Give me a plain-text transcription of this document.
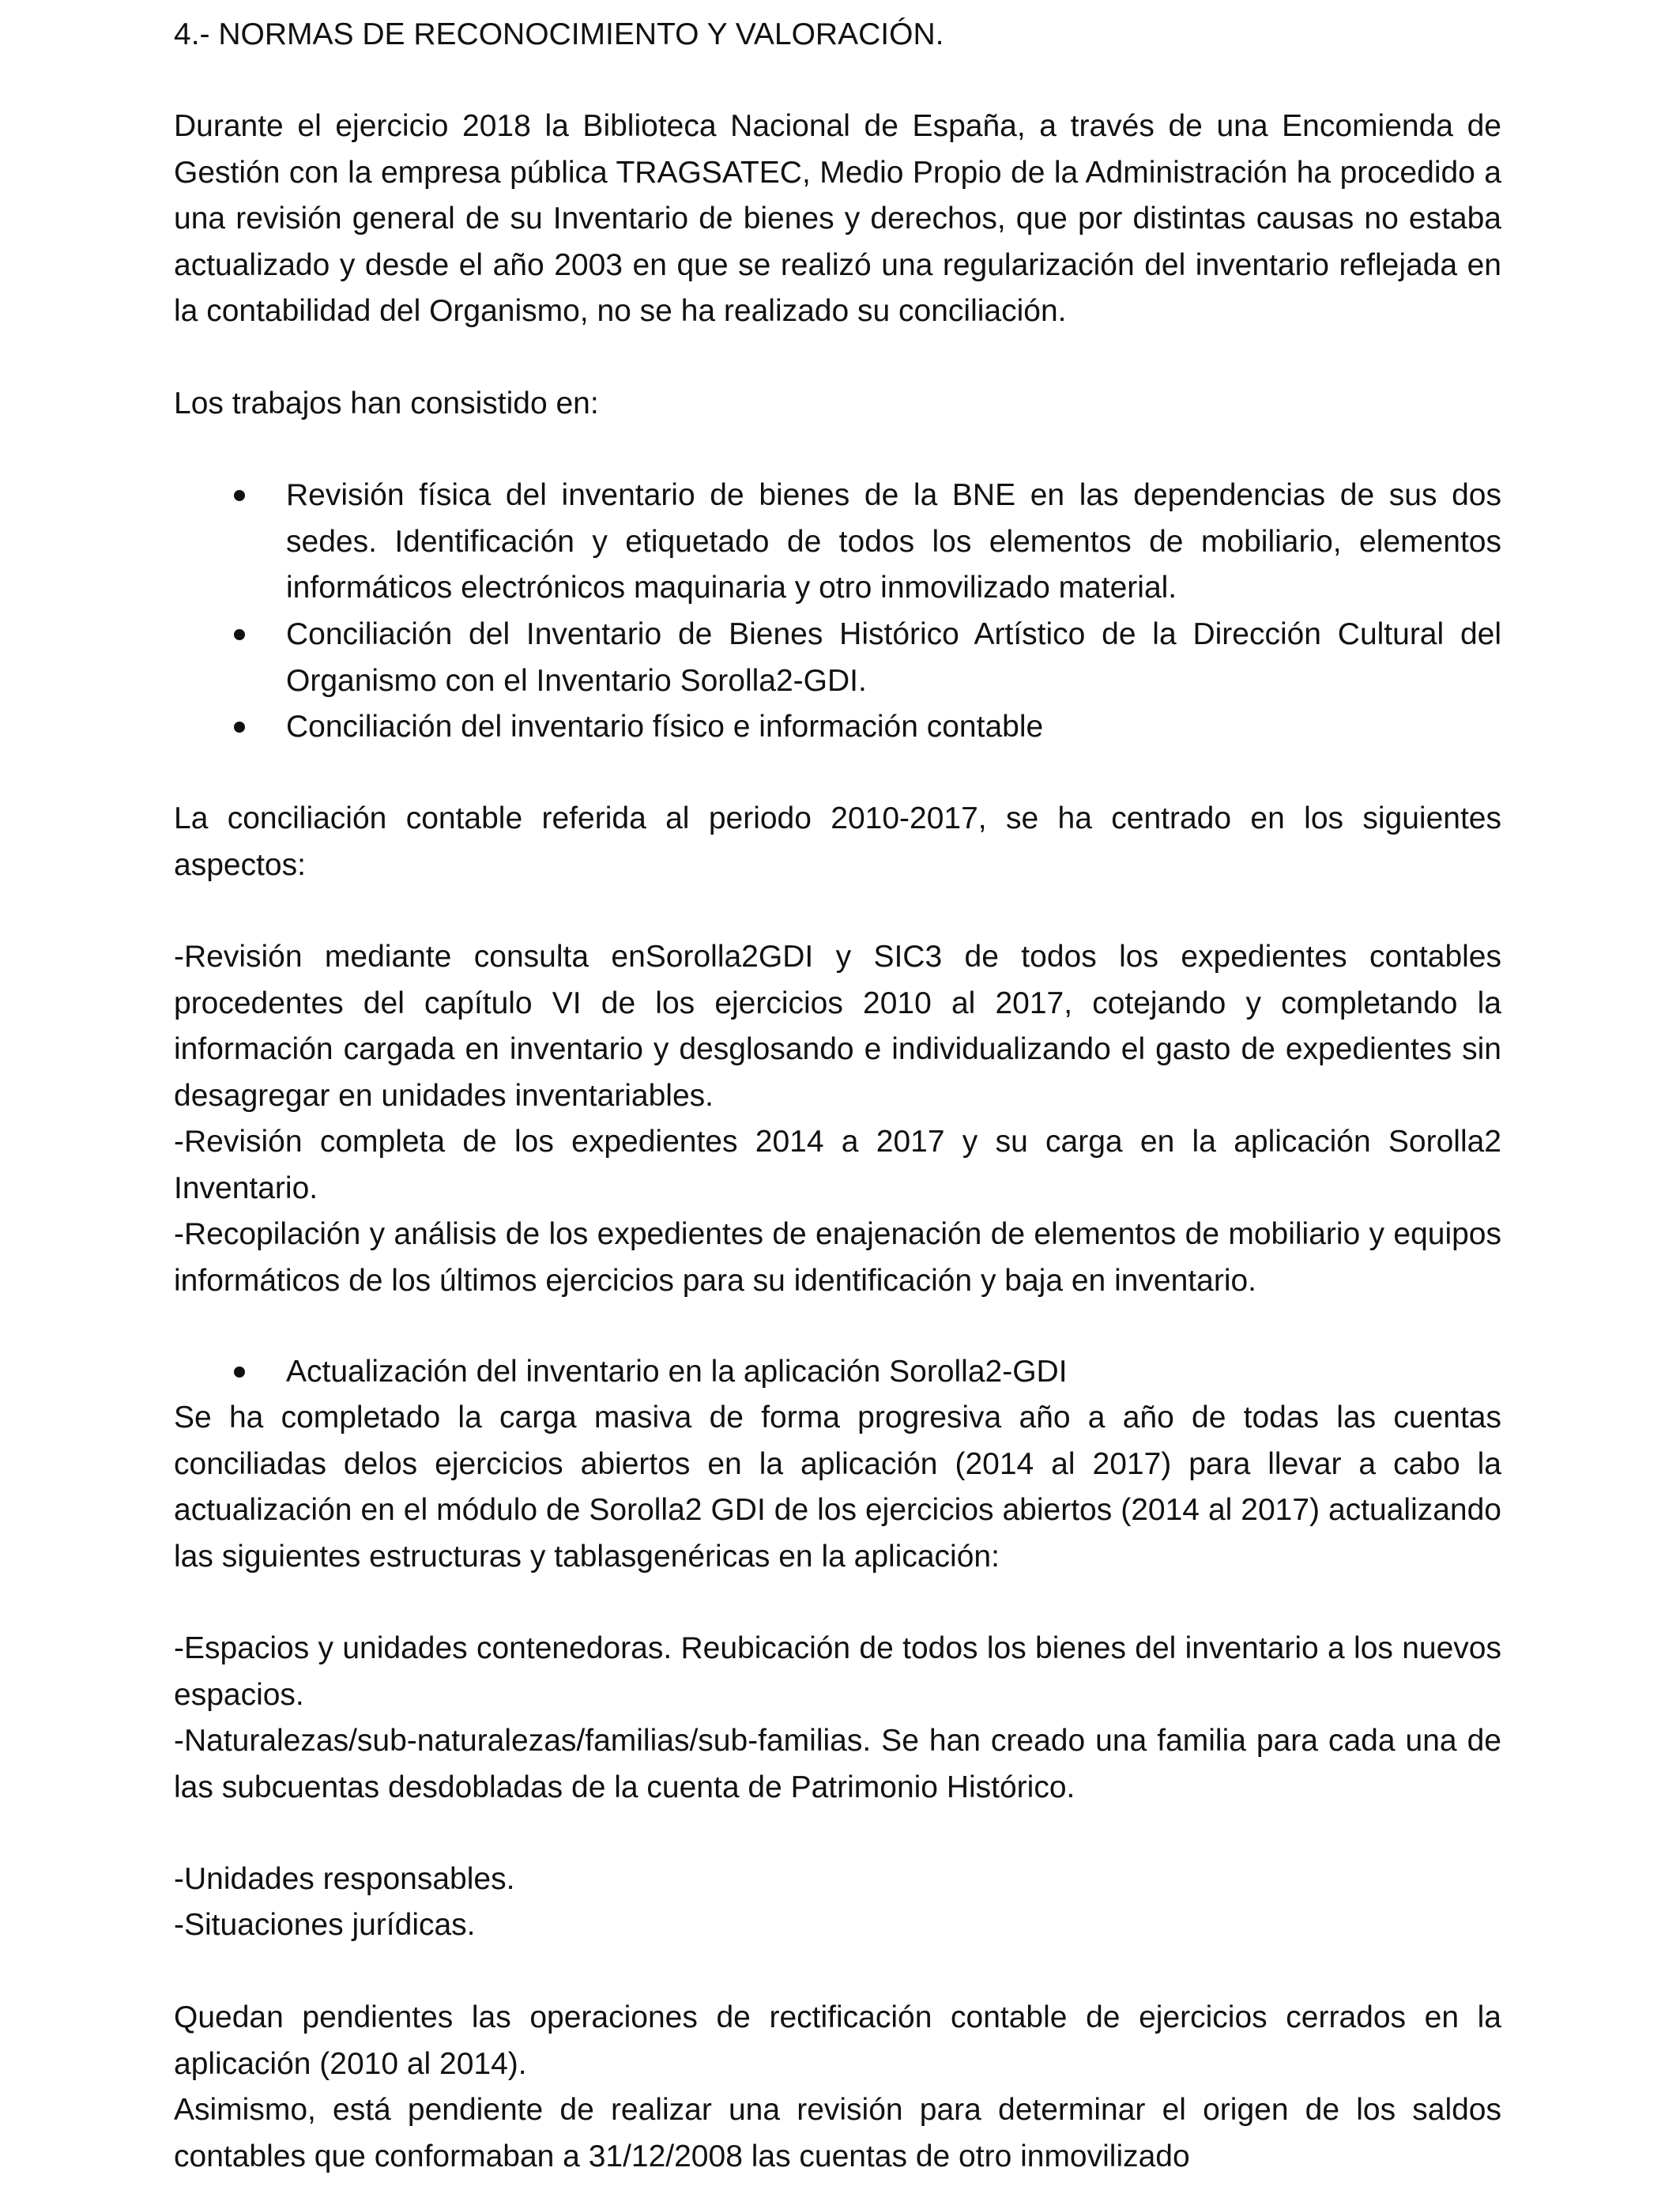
4.- NORMAS DE RECONOCIMIENTO Y VALORACIÓN.

Durante el ejercicio 2018 la Biblioteca Nacional de España, a través de una Encomienda de Gestión con la empresa pública TRAGSATEC, Medio Propio de la Administración ha procedido a una revisión general de su Inventario de bienes y derechos, que por distintas causas no estaba actualizado y desde el año 2003 en que se realizó una regularización del inventario reflejada en la contabilidad del Organismo, no se ha realizado su conciliación.

Los trabajos han consistido en:
Revisión física del inventario de bienes de la BNE en las dependencias de sus dos sedes. Identificación y etiquetado de todos los elementos de mobiliario, elementos informáticos electrónicos maquinaria y otro inmovilizado material.
Conciliación del Inventario de Bienes Histórico Artístico de la Dirección Cultural del Organismo con el Inventario Sorolla2-GDI.
Conciliación del inventario físico e información contable

La conciliación contable referida al periodo 2010-2017, se ha centrado en los siguientes aspectos:

-Revisión mediante consulta enSorolla2GDI y SIC3 de todos los expedientes contables procedentes del capítulo VI de los ejercicios 2010 al 2017, cotejando y completando la información cargada en inventario y desglosando e individualizando el gasto de expedientes sin desagregar en unidades inventariables.

-Revisión completa de los expedientes 2014 a 2017 y su carga en la aplicación Sorolla2 Inventario.

-Recopilación y análisis de los expedientes de enajenación de elementos de mobiliario y equipos informáticos de los últimos ejercicios para su identificación y baja en inventario.

Actualización del inventario en la aplicación Sorolla2-GDI

Se ha completado la carga masiva de forma progresiva año a año de todas las cuentas conciliadas delos ejercicios abiertos en la aplicación (2014 al 2017) para llevar a cabo la actualización en el módulo de Sorolla2 GDI de los ejercicios abiertos (2014 al 2017) actualizando las siguientes estructuras y tablasgenéricas en la aplicación:

-Espacios y unidades contenedoras. Reubicación de todos los bienes del inventario a los nuevos espacios.

-Naturalezas/sub-naturalezas/familias/sub-familias. Se han creado una familia para cada una de las subcuentas desdobladas de la cuenta de Patrimonio Histórico.

-Unidades responsables.
-Situaciones jurídicas.

Quedan pendientes las operaciones de rectificación contable de ejercicios cerrados en la aplicación (2010 al 2014).

Asimismo, está pendiente de realizar una revisión para determinar el origen de los saldos contables que conformaban a 31/12/2008 las cuentas de otro inmovilizado
